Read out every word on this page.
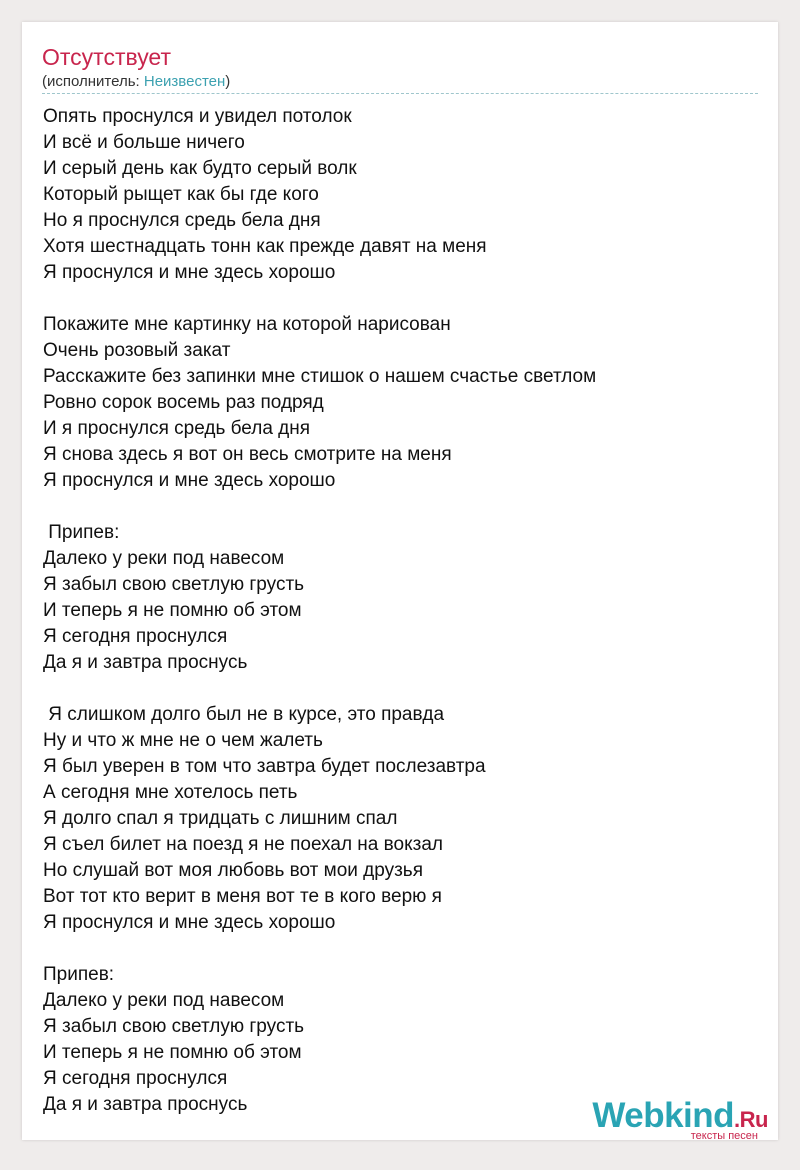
Отсутствует
(исполнитель: Неизвестен)
Опять проснулся и увидел потолок
И всё и больше ничего
И серый день как будто серый волк
Который рыщет как бы где кого
Но я проснулся средь бела дня
Хотя шестнадцать тонн как прежде давят на меня
Я проснулся и мне здесь хорошо
Покажите мне картинку на которой нарисован
Очень розовый закат
Расскажите без запинки мне стишок о нашем счастье светлом
Ровно сорок восемь раз подряд
И я проснулся средь бела дня
Я снова здесь я вот он весь смотрите на меня
Я проснулся и мне здесь хорошо
Припев:
Далеко у реки под навесом
Я забыл свою светлую грусть
И теперь я не помню об этом
Я сегодня проснулся
Да я и завтра проснусь
Я слишком долго был не в курсе, это правда
Ну и что ж мне не о чем жалеть
Я был уверен в том что завтра будет послезавтра
А сегодня мне хотелось петь
Я долго спал я тридцать с лишним спал
Я съел билет на поезд я не поехал на вокзал
Но слушай вот моя любовь вот мои друзья
Вот тот кто верит в меня вот те в кого верю я
Я проснулся и мне здесь хорошо
Припев:
Далеко у реки под навесом
Я забыл свою светлую грусть
И теперь я не помню об этом
Я сегодня проснулся
Да я и завтра проснусь	Webkind.Ru
тексты песен
